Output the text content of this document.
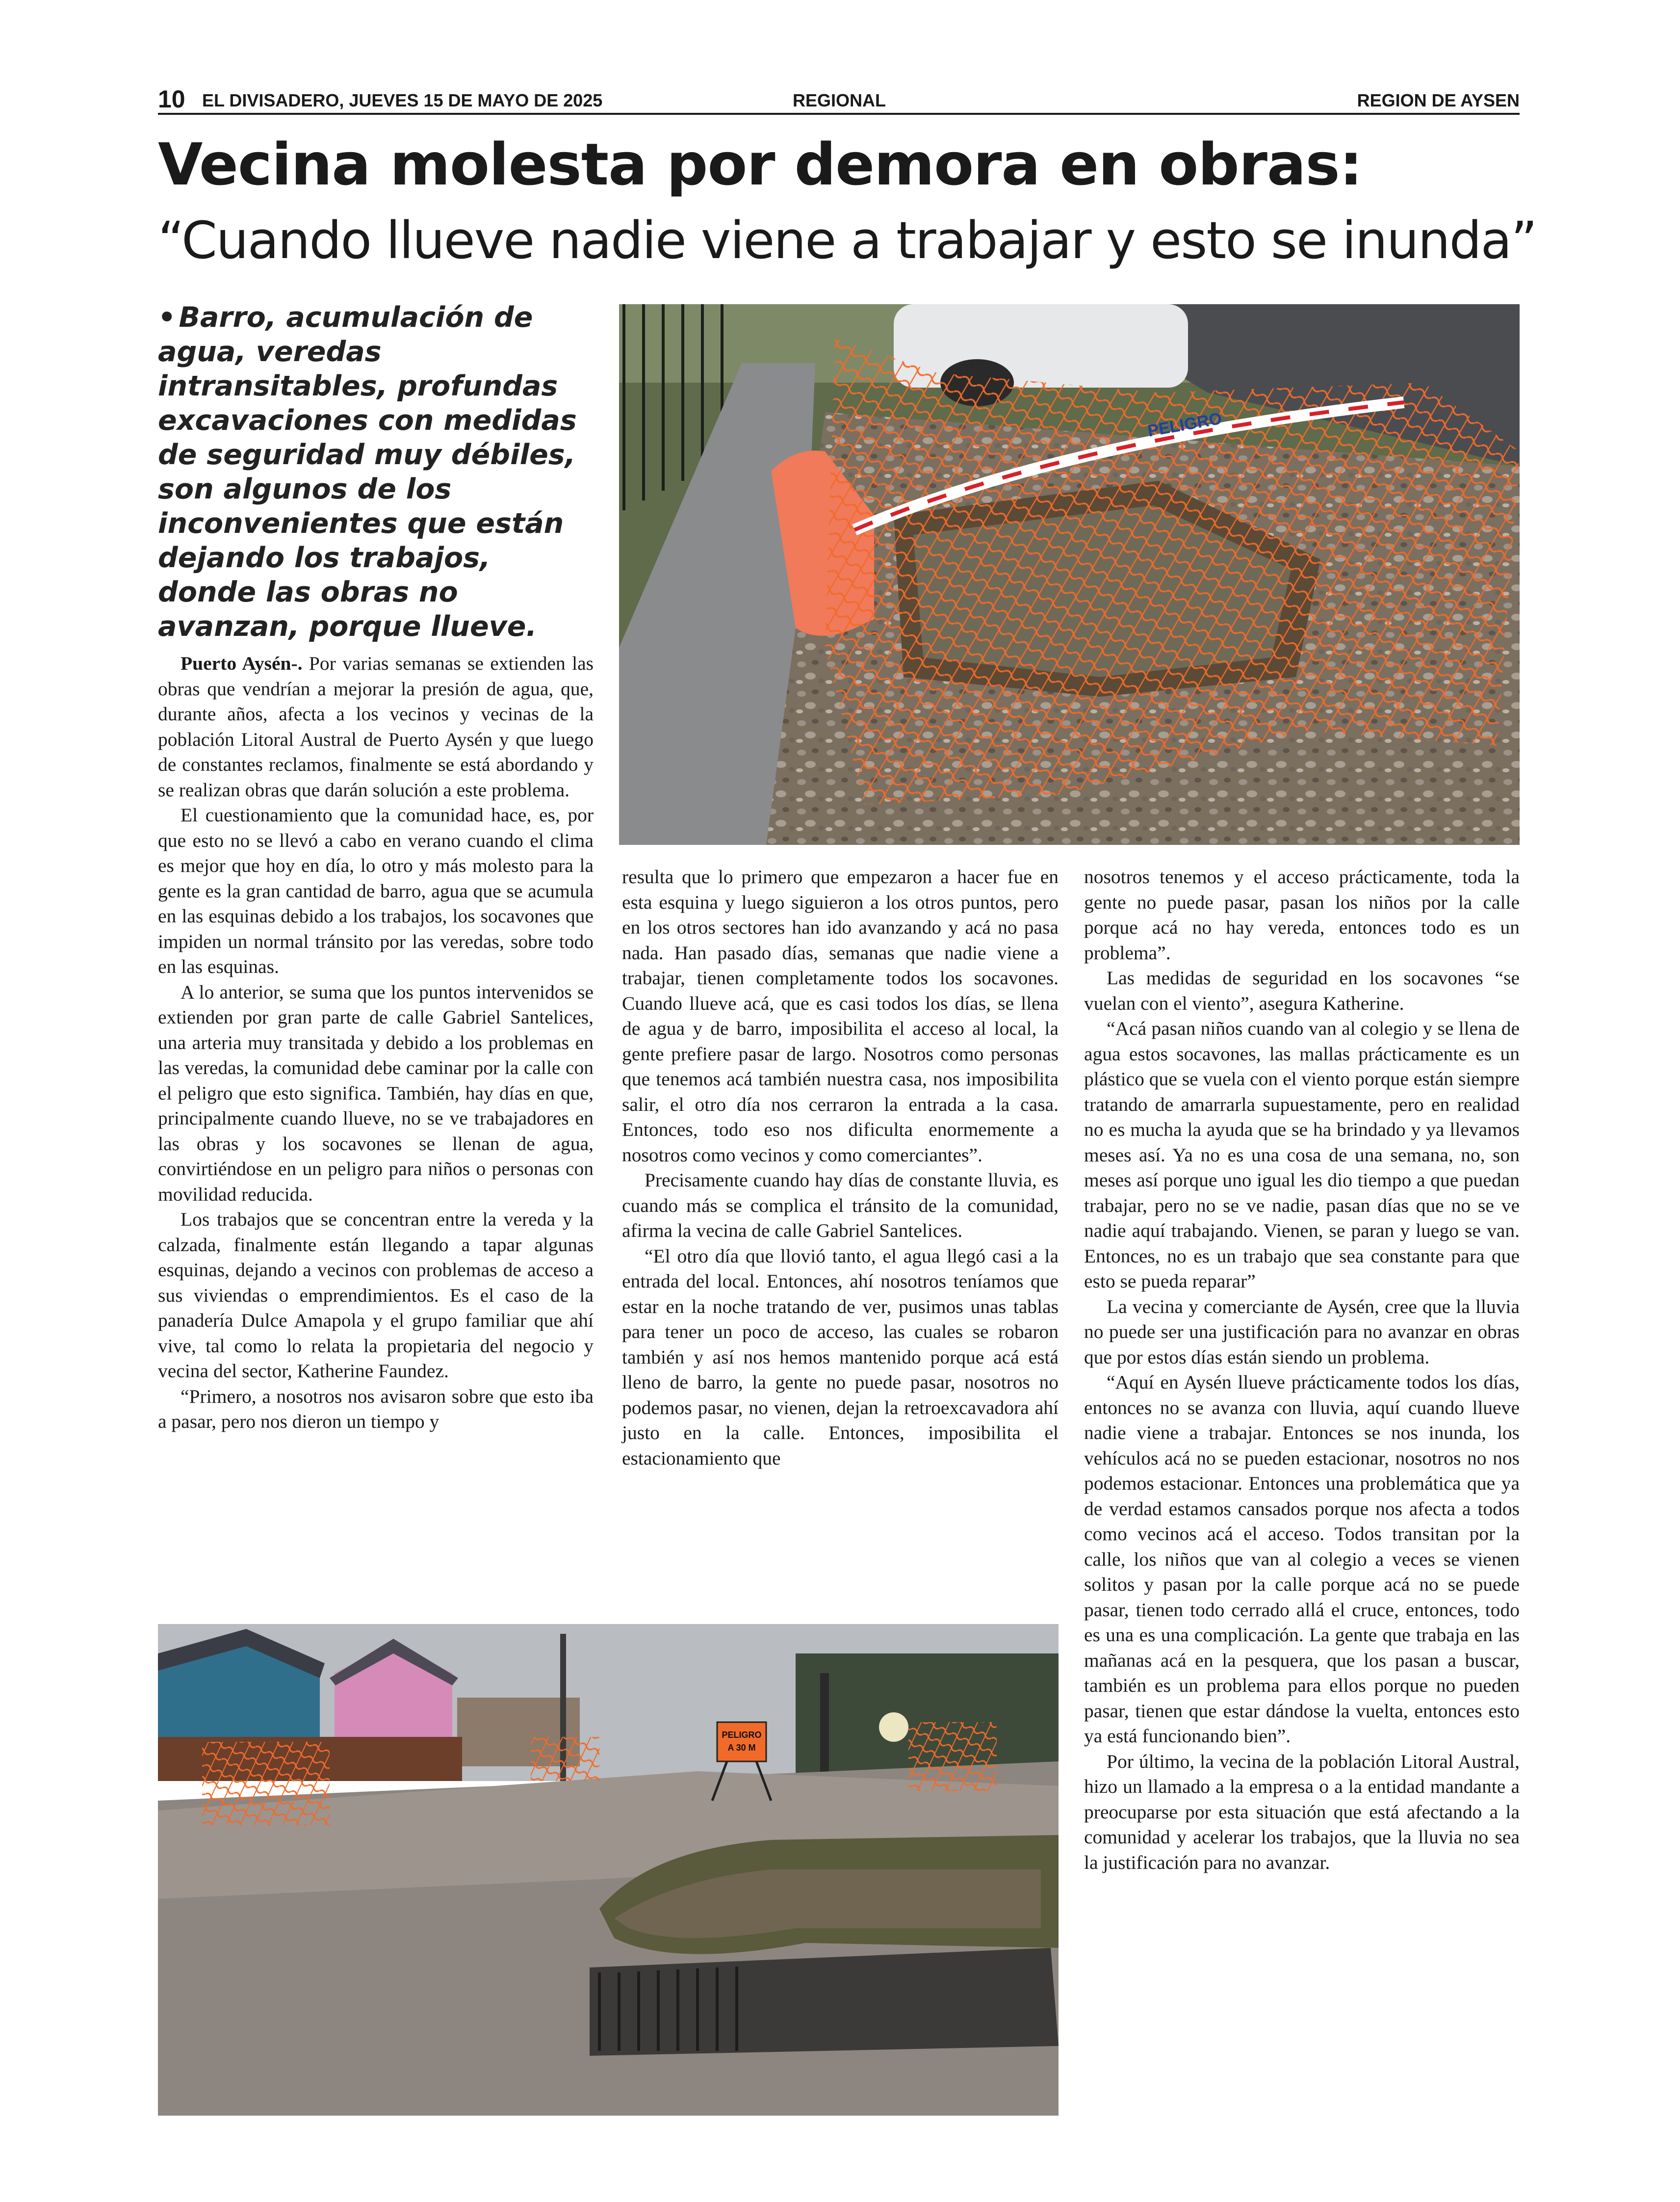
10 EL DIVISADERO, JUEVES 15 DE MAYO DE 2025	REGIONAL	REGION DE AYSEN
Vecina molesta por demora en obras:
“Cuando llueve nadie viene a trabajar y esto se inunda”
• Barro, acumulación de agua, veredas intransitables, profundas excavaciones con medidas de seguridad muy débiles, son algunos de los inconvenientes que están dejando los trabajos, donde las obras no avanzan, porque llueve.
PELIGRO

Puerto Aysén-. Por varias semanas se extienden las obras que vendrían a mejorar la presión de agua, que, durante años, afecta a los vecinos y vecinas de la población Litoral Austral de Puerto Aysén y que luego de constantes reclamos, finalmente se está abordando y se realizan obras que darán solución a este problema.

El cuestionamiento que la comunidad hace, es, por que esto no se llevó a cabo en verano cuando el clima es mejor que hoy en día, lo otro y más molesto para la gente es la gran cantidad de barro, agua que se acumula en las esquinas debido a los trabajos, los socavones que impiden un normal tránsito por las veredas, sobre todo en las esquinas.

A lo anterior, se suma que los puntos intervenidos se extienden por gran parte de calle Gabriel Santelices, una arteria muy transitada y debido a los problemas en las veredas, la comunidad debe caminar por la calle con el peligro que esto significa. También, hay días en que, principalmente cuando llueve, no se ve trabajadores en las obras y los socavones se llenan de agua, convirtiéndose en un peligro para niños o personas con movilidad reducida.

Los trabajos que se concentran entre la vereda y la calzada, finalmente están llegando a tapar algunas esquinas, dejando a vecinos con problemas de acceso a sus viviendas o emprendimientos. Es el caso de la panadería Dulce Amapola y el grupo familiar que ahí vive, tal como lo relata la propietaria del negocio y vecina del sector, Katherine Faundez.

“Primero, a nosotros nos avisaron sobre que esto iba a pasar, pero nos dieron un tiempo y

resulta que lo primero que empezaron a hacer fue en esta esquina y luego siguieron a los otros puntos, pero en los otros sectores han ido avanzando y acá no pasa nada. Han pasado días, semanas que nadie viene a trabajar, tienen completamente todos los socavones. Cuando llueve acá, que es casi todos los días, se llena de agua y de barro, imposibilita el acceso al local, la gente prefiere pasar de largo. Nosotros como personas que tenemos acá también nuestra casa, nos imposibilita salir, el otro día nos cerraron la entrada a la casa. Entonces, todo eso nos dificulta enormemente a nosotros como vecinos y como comerciantes”.

Precisamente cuando hay días de constante lluvia, es cuando más se complica el tránsito de la comunidad, afirma la vecina de calle Gabriel Santelices.

“El otro día que llovió tanto, el agua llegó casi a la entrada del local. Entonces, ahí nosotros teníamos que estar en la noche tratando de ver, pusimos unas tablas para tener un poco de acceso, las cuales se robaron también y así nos hemos mantenido porque acá está lleno de barro, la gente no puede pasar, nosotros no podemos pasar, no vienen, dejan la retroexcavadora ahí justo en la calle. Entonces, imposibilita el estacionamiento que

nosotros tenemos y el acceso prácticamente, toda la gente no puede pasar, pasan los niños por la calle porque acá no hay vereda, entonces todo es un problema”.

Las medidas de seguridad en los socavones “se vuelan con el viento”, asegura Katherine.

“Acá pasan niños cuando van al colegio y se llena de agua estos socavones, las mallas prácticamente es un plástico que se vuela con el viento porque están siempre tratando de amarrarla supuestamente, pero en realidad no es mucha la ayuda que se ha brindado y ya llevamos meses así. Ya no es una cosa de una semana, no, son meses así porque uno igual les dio tiempo a que puedan trabajar, pero no se ve nadie, pasan días que no se ve nadie aquí trabajando. Vienen, se paran y luego se van. Entonces, no es un trabajo que sea constante para que esto se pueda reparar”

La vecina y comerciante de Aysén, cree que la lluvia no puede ser una justificación para no avanzar en obras que por estos días están siendo un problema.

“Aquí en Aysén llueve prácticamente todos los días, entonces no se avanza con lluvia, aquí cuando llueve nadie viene a trabajar. Entonces se nos inunda, los vehículos acá no se pueden estacionar, nosotros no nos podemos estacionar. Entonces una problemática que ya de verdad estamos cansados porque nos afecta a todos como vecinos acá el acceso. Todos transitan por la calle, los niños que van al colegio a veces se vienen solitos y pasan por la calle porque acá no se puede pasar, tienen todo cerrado allá el cruce, entonces, todo es una es una complicación. La gente que trabaja en las mañanas acá en la pesquera, que los pasan a buscar, también es un problema para ellos porque no pueden pasar, tienen que estar dándose la vuelta, entonces esto ya está funcionando bien”.

Por último, la vecina de la población Litoral Austral, hizo un llamado a la empresa o a la entidad mandante a preocuparse por esta situación que está afectando a la comunidad y acelerar los trabajos, que la lluvia no sea la justificación para no avanzar.

PELIGRO
A 30 M
